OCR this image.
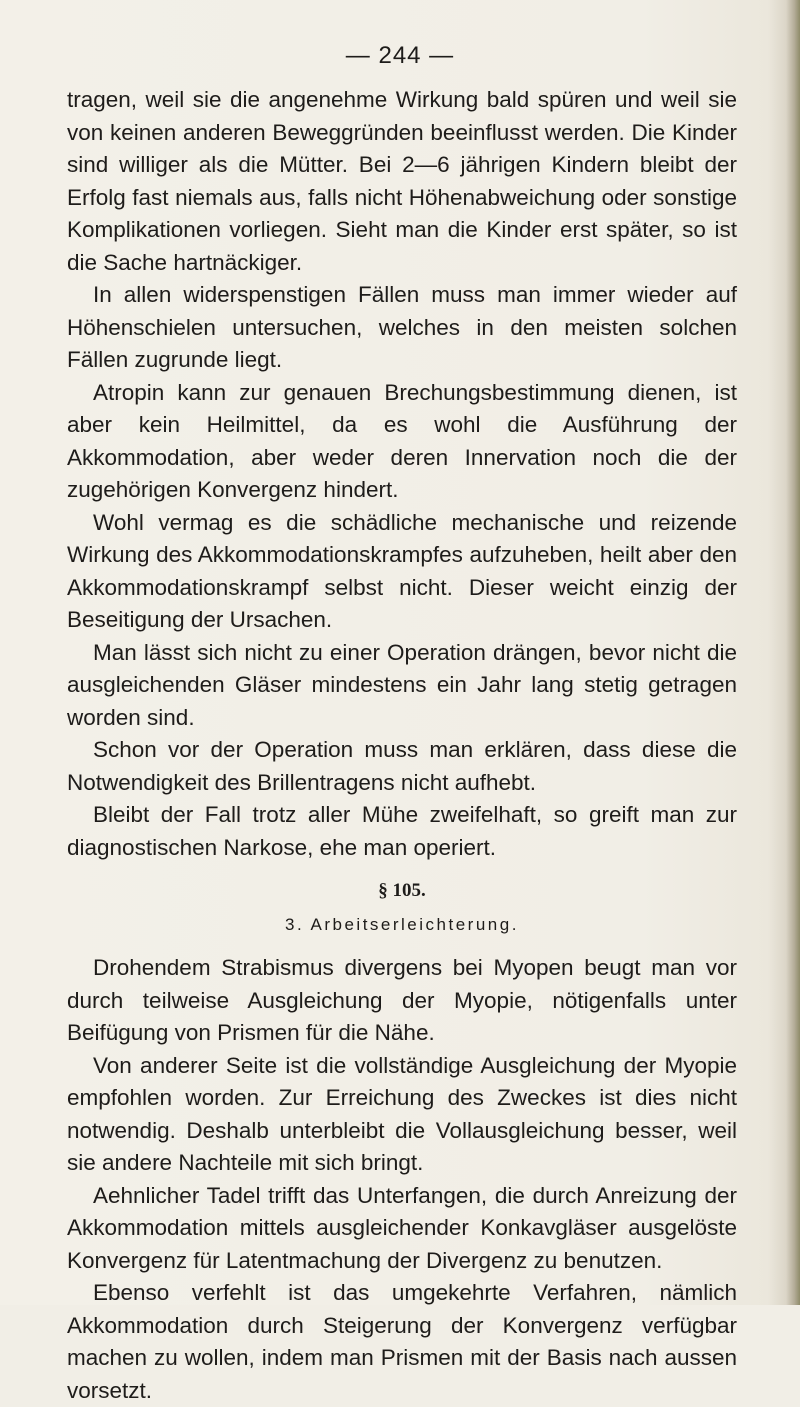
— 244 —

tragen, weil sie die angenehme Wirkung bald spüren und weil sie von keinen anderen Beweggründen beeinflusst werden. Die Kinder sind williger als die Mütter. Bei 2—6 jährigen Kindern bleibt der Erfolg fast niemals aus, falls nicht Höhenabweichung oder sonstige Komplikationen vorliegen. Sieht man die Kinder erst später, so ist die Sache hartnäckiger.

In allen widerspenstigen Fällen muss man immer wieder auf Höhenschielen untersuchen, welches in den meisten solchen Fällen zugrunde liegt.

Atropin kann zur genauen Brechungsbestimmung dienen, ist aber kein Heilmittel, da es wohl die Ausführung der Akkommodation, aber weder deren Innervation noch die der zugehörigen Konvergenz hindert.

Wohl vermag es die schädliche mechanische und reizende Wirkung des Akkommodationskrampfes aufzuheben, heilt aber den Akkommodationskrampf selbst nicht. Dieser weicht einzig der Beseitigung der Ursachen.

Man lässt sich nicht zu einer Operation drängen, bevor nicht die ausgleichenden Gläser mindestens ein Jahr lang stetig getragen worden sind.

Schon vor der Operation muss man erklären, dass diese die Notwendigkeit des Brillentragens nicht aufhebt.

Bleibt der Fall trotz aller Mühe zweifelhaft, so greift man zur diagnostischen Narkose, ehe man operiert.

§ 105.
3. Arbeitserleichterung.

Drohendem Strabismus divergens bei Myopen beugt man vor durch teilweise Ausgleichung der Myopie, nötigenfalls unter Beifügung von Prismen für die Nähe.

Von anderer Seite ist die vollständige Ausgleichung der Myopie empfohlen worden. Zur Erreichung des Zweckes ist dies nicht notwendig. Deshalb unterbleibt die Vollausgleichung besser, weil sie andere Nachteile mit sich bringt.

Aehnlicher Tadel trifft das Unterfangen, die durch Anreizung der Akkommodation mittels ausgleichender Konkavgläser ausgelöste Konvergenz für Latentmachung der Divergenz zu benutzen.

Ebenso verfehlt ist das umgekehrte Verfahren, nämlich Akkommodation durch Steigerung der Konvergenz verfügbar machen zu wollen, indem man Prismen mit der Basis nach aussen vorsetzt.
